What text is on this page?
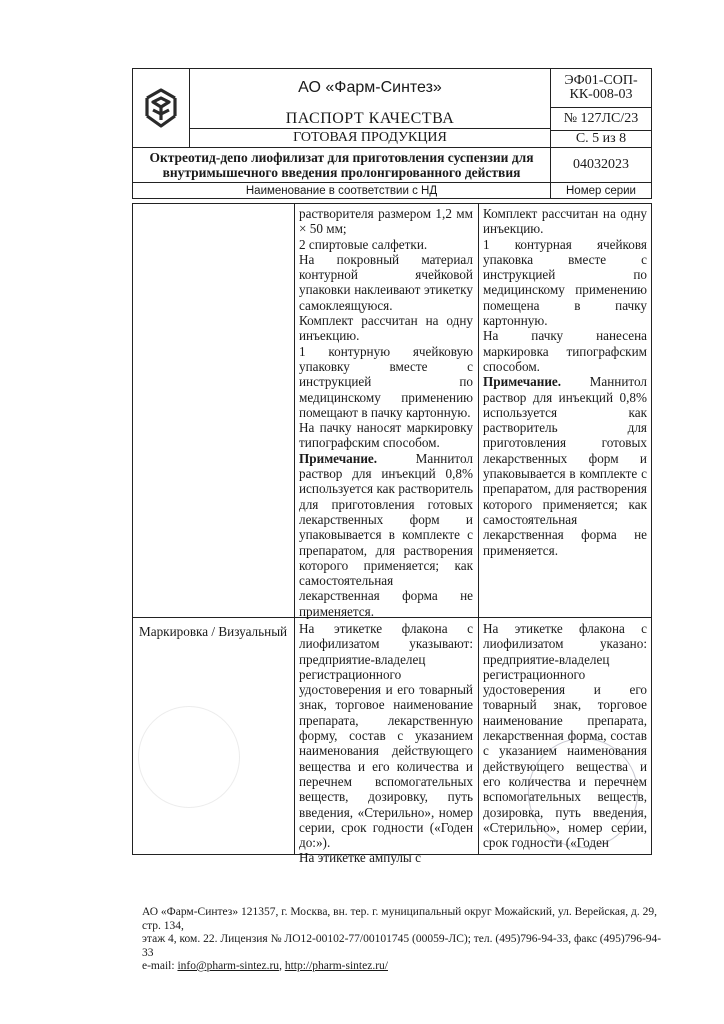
АО «Фарм-Синтез»
ПАСПОРТ КАЧЕСТВА
ГОТОВАЯ ПРОДУКЦИЯ
ЭФ01-СОП-КК-008-03
№ 127ЛС/23
С. 5 из 8
Октреотид-депо лиофилизат для приготовления суспензии для внутримышечного введения пролонгированного действия
04032023
Наименование в соответствии с НД	Номер серии

растворителя размером 1,2 мм × 50 мм;

2 спиртовые салфетки.

На покровный материал контурной ячейковой упаковки наклеивают этикетку самоклеящуюся.

Комплект рассчитан на одну инъекцию.

1 контурную ячейковую упаковку вместе с инструкцией по медицинскому применению помещают в пачку картонную.

На пачку наносят маркировку типографским способом.

Примечание.	Маннитол раствор для инъекций 0,8% используется как растворитель для приготовления готовых лекарственных форм и упаковывается в комплекте с препаратом, для растворения которого применяется; как самостоятельная лекарственная форма не применяется.

Комплект рассчитан на одну инъекцию.

1 контурная ячейковя упаковка вместе с инструкцией по медицинскому применению помещена в пачку картонную.

На пачку нанесена маркировка типографским способом.

Примечание. Маннитол раствор для инъекций 0,8% используется как растворитель для приготовления готовых лекарственных форм и упаковывается в комплекте с препаратом, для растворения которого применяется; как самостоятельная лекарственная форма не применяется.

Маркировка / Визуальный На этикетке флакона с лиофилизатом указывают: предприятие-владелец регистрационного удостоверения и его товарный знак, торговое наименование препарата, лекарственную форму, состав с указанием наименования действующего вещества и его количества и перечнем вспомогательных веществ, дозировку, путь введения, «Стерильно», номер серии, срок годности («Годен до:»).

На этикетке ампулы с

На этикетке флакона с лиофилизатом указано: предприятие-владелец регистрационного удостоверения и его товарный знак, торговое наименование препарата, лекарственная форма, состав с указанием наименования действующего вещества и его количества и перечнем вспомогательных веществ, дозировка, путь введения, «Стерильно», номер серии, срок годности («Годен

АО «Фарм-Синтез» 121357, г. Москва, вн. тер. г. муниципальный округ Можайский, ул. Верейская, д. 29, стр. 134,
этаж 4, ком. 22. Лицензия № ЛО12-00102-77/00101745 (00059-ЛС); тел. (495)796-94-33, факс (495)796-94-33
e-mail: info@pharm-sintez.ru, http://pharm-sintez.ru/
